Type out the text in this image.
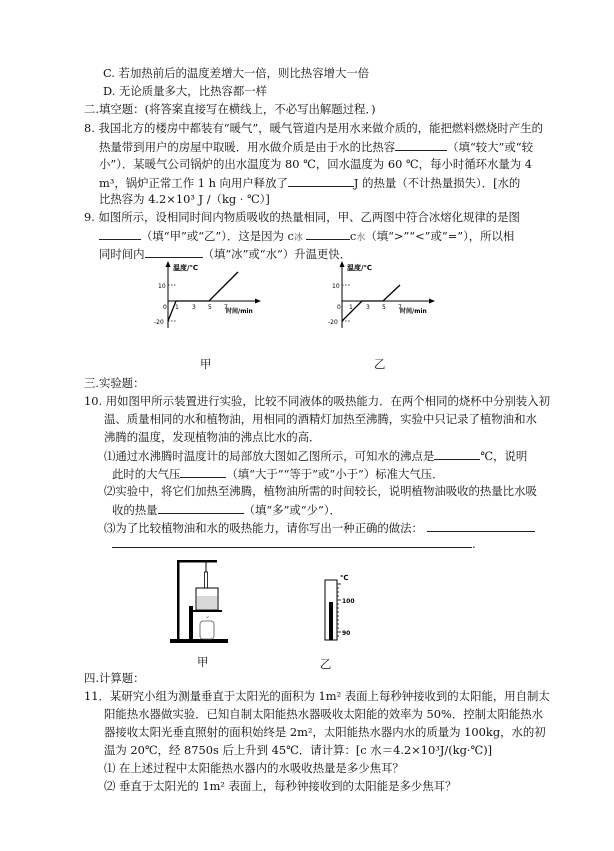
C. 若加热前后的温度差增大一倍，则比热容增大一倍
D. 无论质量多大，比热容都一样
二.填空题：(将答案直接写在横线上，不必写出解题过程．)
8. 我国北方的楼房中都装有“暖气”，暖气管道内是用水来做介质的，能把燃料燃烧时产生的
热量带到用户的房屋中取暖．用水做介质是由于水的比热容	（填“较大”或“较
小”）．某暖气公司锅炉的出水温度为 80 ℃，回水温度为 60 ℃，每小时循环水量为 4
m³，锅炉正常工作 1 h 向用户释放了	J 的热量（不计热量损失）．[水的
比热容为 4.2×10³ J /（kg · ℃）]
9. 如图所示，设相同时间内物质吸收的热量相同，甲、乙两图中符合冰熔化规律的是图
（填“甲”或“乙”）．这是因为 c冰	c水（填“>”“<”或“=”），所以相
同时间内	（填“冰”或“水”）升温更快．
温度/℃
时间/min
10
-20
0 1 3 5 7
甲
温度/℃
时间/min
10
-20
0 1 3 5 7
乙
三.实验题：
10. 用如图甲所示装置进行实验，比较不同液体的吸热能力．在两个相同的烧杯中分别装入初
温、质量相同的水和植物油，用相同的酒精灯加热至沸腾，实验中只记录了植物油和水
沸腾的温度，发现植物油的沸点比水的高．
⑴通过水沸腾时温度计的局部放大图如乙图所示，可知水的沸点是	℃，说明
此时的大气压	（填“大于”“等于”或“小于”）标准大气压．
⑵实验中，将它们加热至沸腾，植物油所需的时间较长，说明植物油吸收的热量比水吸
收的热量	（填“多”或“少”）．
⑶为了比较植物油和水的吸热能力，请你写出一种正确的做法：
.
甲
℃
100
90
乙
四.计算题：
11．某研究小组为测量垂直于太阳光的面积为 1m² 表面上每秒钟接收到的太阳能，用自制太
阳能热水器做实验．已知自制太阳能热水器吸收太阳能的效率为 50%．控制太阳能热水
器接收太阳光垂直照射的面积始终是 2m²，太阳能热水器内水的质量为 100kg，水的初
温为 20℃，经 8750s 后上升到 45℃．请计算：[c 水＝4.2×10³J/(kg·℃)]
⑴ 在上述过程中太阳能热水器内的水吸收热量是多少焦耳？
⑵ 垂直于太阳光的 1m² 表面上，每秒钟接收到的太阳能是多少焦耳？
